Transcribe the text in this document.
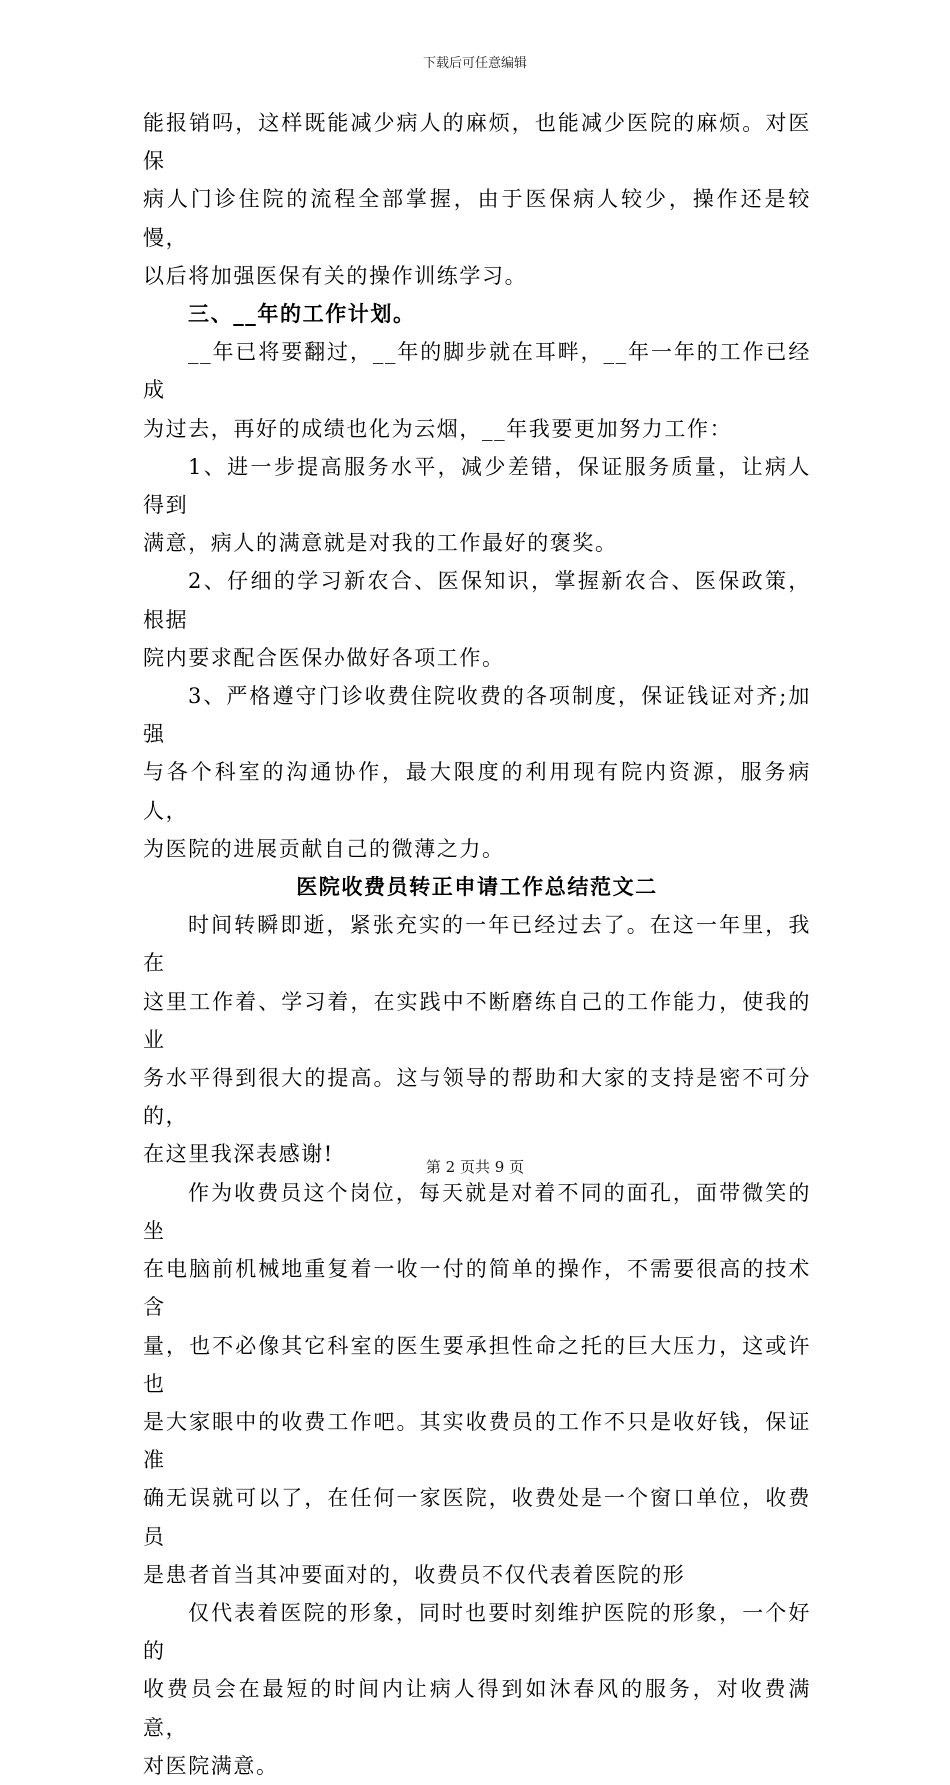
下载后可任意编辑

能报销吗，这样既能减少病人的麻烦，也能减少医院的麻烦。对医保
病人门诊住院的流程全部掌握，由于医保病人较少，操作还是较慢，
以后将加强医保有关的操作训练学习。

三、__年的工作计划。

__年已将要翻过，__年的脚步就在耳畔，__年一年的工作已经成
为过去，再好的成绩也化为云烟，__年我要更加努力工作：

1、进一步提高服务水平，减少差错，保证服务质量，让病人得到
满意，病人的满意就是对我的工作最好的褒奖。

2、仔细的学习新农合、医保知识，掌握新农合、医保政策，根据
院内要求配合医保办做好各项工作。

3、严格遵守门诊收费住院收费的各项制度，保证钱证对齐;加强
与各个科室的沟通协作，最大限度的利用现有院内资源，服务病人，
为医院的进展贡献自己的微薄之力。

医院收费员转正申请工作总结范文二

时间转瞬即逝，紧张充实的一年已经过去了。在这一年里，我在
这里工作着、学习着，在实践中不断磨练自己的工作能力，使我的业
务水平得到很大的提高。这与领导的帮助和大家的支持是密不可分的，
在这里我深表感谢!

作为收费员这个岗位，每天就是对着不同的面孔，面带微笑的坐
在电脑前机械地重复着一收一付的简单的操作，不需要很高的技术含
量，也不必像其它科室的医生要承担性命之托的巨大压力，这或许也
是大家眼中的收费工作吧。其实收费员的工作不只是收好钱，保证准
确无误就可以了，在任何一家医院，收费处是一个窗口单位，收费员
是患者首当其冲要面对的，收费员不仅代表着医院的形

仅代表着医院的形象，同时也要时刻维护医院的形象，一个好的
收费员会在最短的时间内让病人得到如沐春风的服务，对收费满意，
对医院满意。

第 2 页共 9 页
